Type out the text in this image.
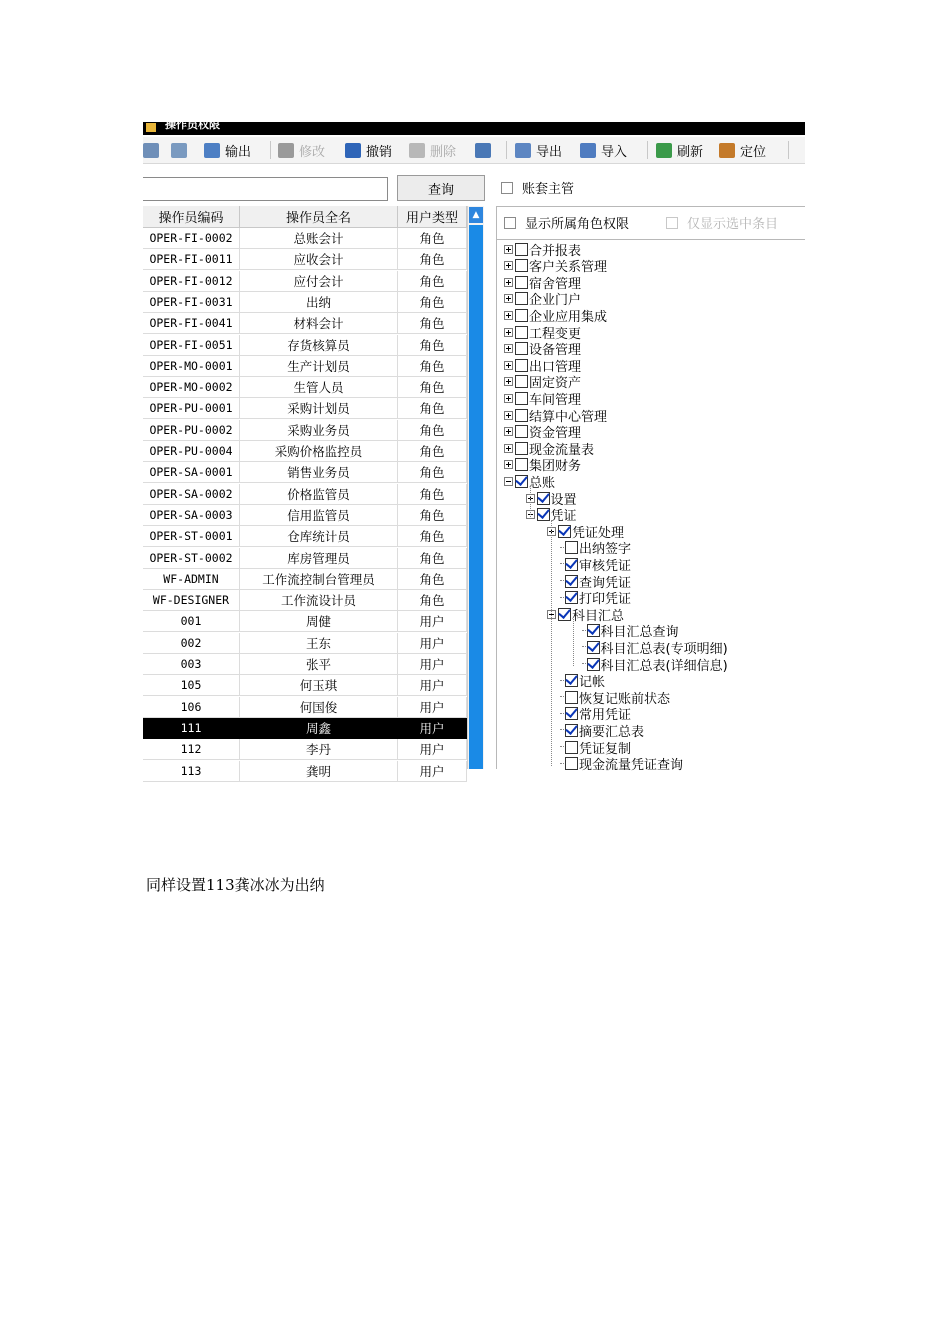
操作员权限
输出	修改	撤销	删除	导出	导入	刷新	定位
查询	账套主管
操作员编码	操作员全名	用户类型
OPER-FI-0002	总账会计	角色
OPER-FI-0011	应收会计	角色
OPER-FI-0012	应付会计	角色
OPER-FI-0031	出纳	角色
OPER-FI-0041	材料会计	角色
OPER-FI-0051	存货核算员	角色
OPER-MO-0001	生产计划员	角色
OPER-MO-0002	生管人员	角色
OPER-PU-0001	采购计划员	角色
OPER-PU-0002	采购业务员	角色
OPER-PU-0004	采购价格监控员	角色
OPER-SA-0001	销售业务员	角色
OPER-SA-0002	价格监管员	角色
OPER-SA-0003	信用监管员	角色
OPER-ST-0001	仓库统计员	角色
OPER-ST-0002	库房管理员	角色
WF-ADMIN	工作流控制台管理员	角色
WF-DESIGNER	工作流设计员	角色
001	周健	用户
002	王东	用户
003	张平	用户
105	何玉琪	用户
106	何国俊	用户
111	周鑫	用户
112	李丹	用户
113	龚明	用户
▲
显示所属角色权限	仅显示选中条目
合并报表
客户关系管理
宿舍管理
企业门户
企业应用集成
工程变更
设备管理
出口管理
固定资产
车间管理
结算中心管理
资金管理
现金流量表
集团财务
总账
设置
凭证
凭证处理
出纳签字
审核凭证
查询凭证
打印凭证
科目汇总
科目汇总查询
科目汇总表(专项明细)
科目汇总表(详细信息)
记帐
恢复记账前状态
常用凭证
摘要汇总表
凭证复制
现金流量凭证查询
同样设置113龚冰冰为出纳
